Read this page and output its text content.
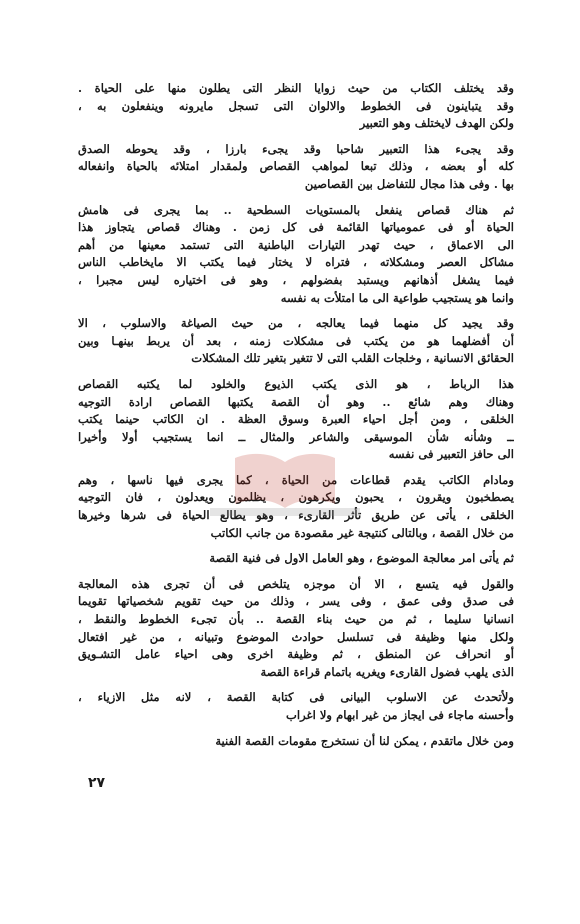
وقد يختلف الكتاب من حيث زوايا النظر التى يطلون منها على الحياة .
وقد يتباينون فى الخطوط والالوان التى تسجل مايرونه وينفعلون به ،
ولكن الهدف لايختلف وهو التعبير
وقد يجىء هذا التعبير شاحبا وقد يجىء بارزا ، وقد يحوطه الصدق
كله أو بعضه ، وذلك تبعا لمواهب القصاص ولمقدار امتلائه بالحياة وانفعاله
بها . وفى هذا مجال للتفاضل بين القصاصين
ثم هناك قصاص ينفعل بالمستويات السطحية .. بما يجرى فى هامش
الحياة أو فى عمومياتها القائمة فى كل زمن . وهناك قصاص يتجاوز هذا
الى الاعماق ، حيث تهدر التيارات الباطنية التى تستمد معينها من أهم
مشاكل العصر ومشكلاته ، فتراه لا يختار فيما يكتب الا مايخاطب الناس
فيما يشغل أذهانهم ويستبد بفضولهم ، وهو فى اختياره ليس مجبرا ،
وانما هو يستجيب طواعية الى ما امتلأت به نفسه
وقد يجيد كل منهما فيما يعالجه ، من حيث الصياغة والاسلوب ، الا
أن أفضلهما هو من يكتب فى مشكلات زمنه ، بعد أن يربط بينهـا وبين
الحقائق الانسانية ، وخلجات القلب التى لا تتغير بتغير تلك المشكلات
هذا الرباط ، هو الذى يكتب الذيوع والخلود لما يكتبه القصاص
وهناك وهم شائع .. وهو أن القصة يكتبها القصاص ارادة التوجيه
الخلقى ، ومن أجل احياء العبرة وسوق العظة . ان الكاتب حينما يكتب
ــ وشأنه شأن الموسيقى والشاعر والمثال ــ انما يستجيب أولا وأخيرا
الى حافز التعبير فى نفسه
ومادام الكاتب يقدم قطاعات من الحياة ، كما يجرى فيها ناسها ، وهم
يصطخبون ويقرون ، يحبون ويكرهون ، يظلمون ويعدلون ، فان التوجيه
الخلقى ، يأتى عن طريق تأثر القارىء ، وهو يطالع الحياة فى شرها وخيرها
من خلال القصة ، وبالتالى كنتيجة غير مقصودة من جانب الكاتب
ثم يأتى امر معالجة الموضوع ، وهو العامل الاول فى فنية القصة
والقول فيه يتسع ، الا أن موجزه يتلخص فى أن تجرى هذه المعالجة
فى صدق وفى عمق ، وفى يسر ، وذلك من حيث تقويم شخصياتها تقويما
انسانيا سليما ، ثم من حيث بناء القصة .. بأن تجىء الخطوط والنقط ،
ولكل منها وظيفة فى تسلسل حوادث الموضوع وتبيانه ، من غير افتعال
أو انحراف عن المنطق ، ثم وظيفة اخرى وهى احياء عامل التشـويق
الذى يلهب فضول القارىء ويغريه باتمام قراءة القصة
ولأتحدث عن الاسلوب البيانى فى كتابة القصة ، لانه مثل الازياء ،
وأحسنه ماجاء فى ايجاز من غير ابهام ولا اغراب
ومن خلال ماتقدم ، يمكن لنا أن نستخرج مقومات القصة الفنية
٢٧
